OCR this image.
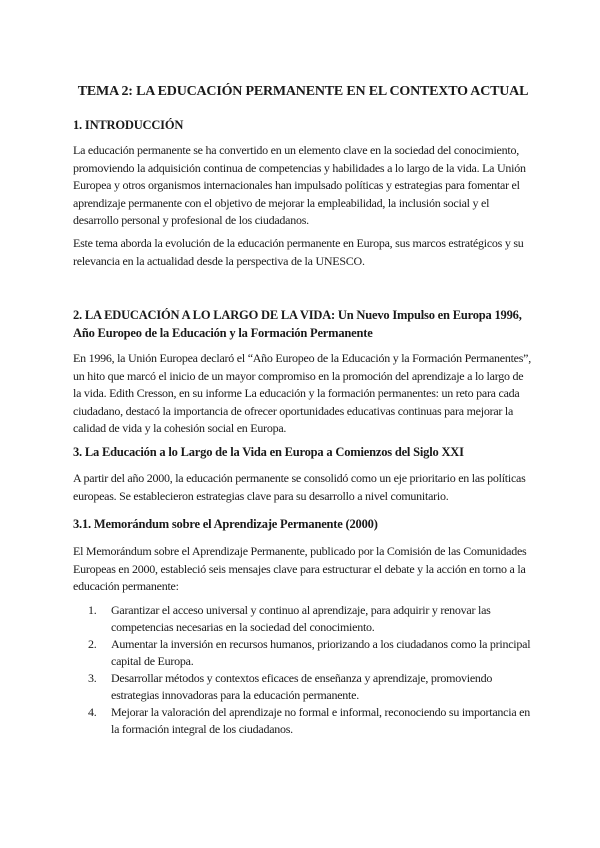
TEMA 2: LA EDUCACIÓN PERMANENTE EN EL CONTEXTO ACTUAL
1. INTRODUCCIÓN

La educación permanente se ha convertido en un elemento clave en la sociedad del conocimiento, promoviendo la adquisición continua de competencias y habilidades a lo largo de la vida. La Unión Europea y otros organismos internacionales han impulsado políticas y estrategias para fomentar el aprendizaje permanente con el objetivo de mejorar la empleabilidad, la inclusión social y el desarrollo personal y profesional de los ciudadanos.

Este tema aborda la evolución de la educación permanente en Europa, sus marcos estratégicos y su relevancia en la actualidad desde la perspectiva de la UNESCO.

2. LA EDUCACIÓN A LO LARGO DE LA VIDA: Un Nuevo Impulso en Europa 1996,
Año Europeo de la Educación y la Formación Permanente

En 1996, la Unión Europea declaró el “Año Europeo de la Educación y la Formación Permanentes”, un hito que marcó el inicio de un mayor compromiso en la promoción del aprendizaje a lo largo de la vida. Edith Cresson, en su informe La educación y la formación permanentes: un reto para cada ciudadano, destacó la importancia de ofrecer oportunidades educativas continuas para mejorar la calidad de vida y la cohesión social en Europa.

3. La Educación a lo Largo de la Vida en Europa a Comienzos del Siglo XXI

A partir del año 2000, la educación permanente se consolidó como un eje prioritario en las políticas europeas. Se establecieron estrategias clave para su desarrollo a nivel comunitario.

3.1. Memorándum sobre el Aprendizaje Permanente (2000)

El Memorándum sobre el Aprendizaje Permanente, publicado por la Comisión de las Comunidades Europeas en 2000, estableció seis mensajes clave para estructurar el debate y la acción en torno a la educación permanente:

1. Garantizar el acceso universal y continuo al aprendizaje, para adquirir y renovar las competencias necesarias en la sociedad del conocimiento.
2. Aumentar la inversión en recursos humanos, priorizando a los ciudadanos como la principal capital de Europa.
3. Desarrollar métodos y contextos eficaces de enseñanza y aprendizaje, promoviendo estrategias innovadoras para la educación permanente.
4. Mejorar la valoración del aprendizaje no formal e informal, reconociendo su importancia en la formación integral de los ciudadanos.
